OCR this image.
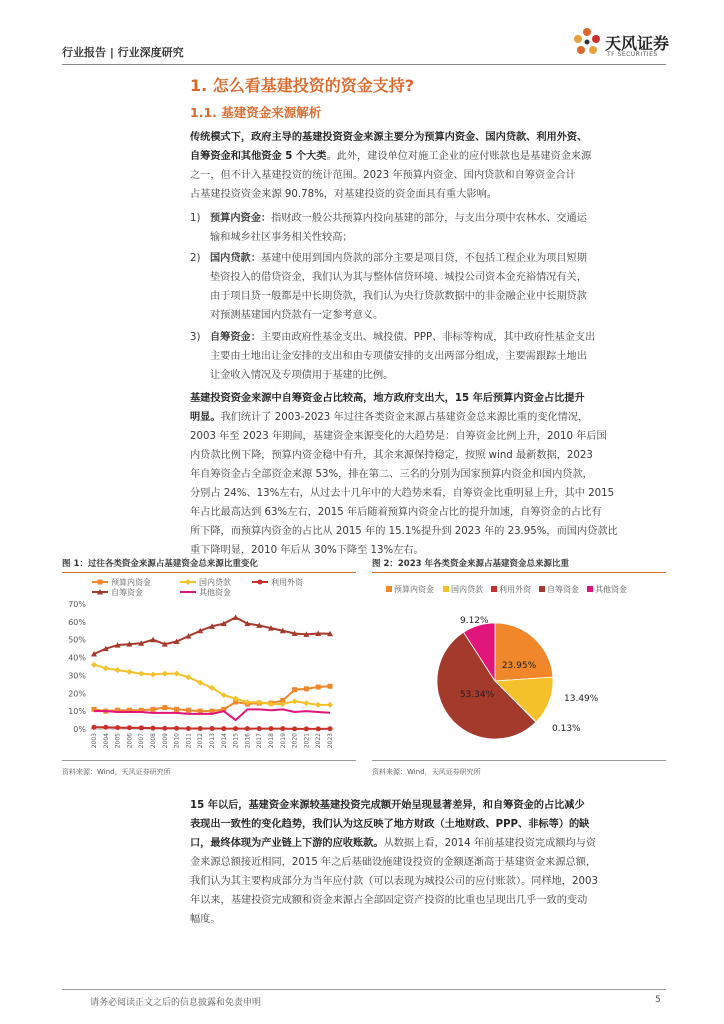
行业报告 | 行业深度研究	天风证券
TF SECURITIES
1. 怎么看基建投资的资金支持?
1.1. 基建资金来源解析
传统模式下，政府主导的基建投资资金来源主要分为预算内资金、国内贷款、利用外资、
自筹资金和其他资金 5 个大类。此外，建设单位对施工企业的应付账款也是基建资金来源
之一，但不计入基建投资的统计范围。2023 年预算内资金、国内贷款和自筹资金合计
占基建投资资金来源 90.78%，对基建投资的资金面具有重大影响。
1) 预算内资金：指财政一般公共预算内投向基建的部分，与支出分项中农林水、交通运
输和城乡社区事务相关性较高；
2) 国内贷款：基建中使用到国内贷款的部分主要是项目贷，不包括工程企业为项目短期
垫资投入的借贷资金，我们认为其与整体信贷环境、城投公司资本金充裕情况有关，
由于项目贷一般都是中长期贷款，我们认为央行贷款数据中的非金融企业中长期贷款
对预测基建国内贷款有一定参考意义。
3) 自筹资金：主要由政府性基金支出、城投债、PPP、非标等构成，其中政府性基金支出
主要由土地出让金安排的支出和由专项债安排的支出两部分组成，主要需跟踪土地出
让金收入情况及专项债用于基建的比例。
基建投资资金来源中自筹资金占比较高，地方政府支出大，15 年后预算内资金占比提升
明显。我们统计了 2003-2023 年过往各类资金来源占基建资金总来源比重的变化情况，
2003 年至 2023 年期间，基建资金来源变化的大趋势是：自筹资金比例上升，2010 年后国
内贷款比例下降，预算内资金稳中有升，其余来源保持稳定，按照 wind 最新数据，2023
年自筹资金占全部资金来源 53%，排在第二、三名的分别为国家预算内资金和国内贷款，
分别占 24%、13%左右，从过去十几年中的大趋势来看，自筹资金比重明显上升，其中 2015
年占比最高达到 63%左右，2015 年后随着预算内资金占比的提升加速，自筹资金的占比有
所下降，而预算内资金的占比从 2015 年的 15.1%提升到 2023 年的 23.95%，而国内贷款比
重下降明显，2010 年后从 30%下降至 13%左右。
图 1：过往各类资金来源占基建资金总来源比重变化
0%
10%
20%
30%
40%
50%
60%
70%
2003 2004 2005 2006 2007 2008 2009 2010 2011 2012 2013 2014 2015 2016 2017 2018 2019 2020 2021 2022 2023
预算内资金	国内贷款	利用外资
自筹资金	其他资金
资料来源：Wind，天风证券研究所
图 2：2023 年各类资金来源占基建资金总来源比重
预算内资金 国内贷款 利用外资 自筹资金 其他资金
23.95%
13.49%
0.13%
53.34%
9.12%
资料来源：Wind，天风证券研究所
15 年以后，基建资金来源较基建投资完成额开始呈现显著差异，和自筹资金的占比减少
表现出一致性的变化趋势，我们认为这反映了地方财政（土地财政、PPP、非标等）的缺
口，最终体现为产业链上下游的应收账款。从数据上看，2014 年前基建投资完成额均与资
金来源总额接近相同，2015 年之后基础设施建设投资的金额逐渐高于基建资金来源总额，
我们认为其主要构成部分为当年应付款（可以表现为城投公司的应付账款）。同样地，2003
年以来，基建投资完成额和资金来源占全部固定资产投资的比重也呈现出几乎一致的变动
幅度。
请务必阅读正文之后的信息披露和免责申明	5
